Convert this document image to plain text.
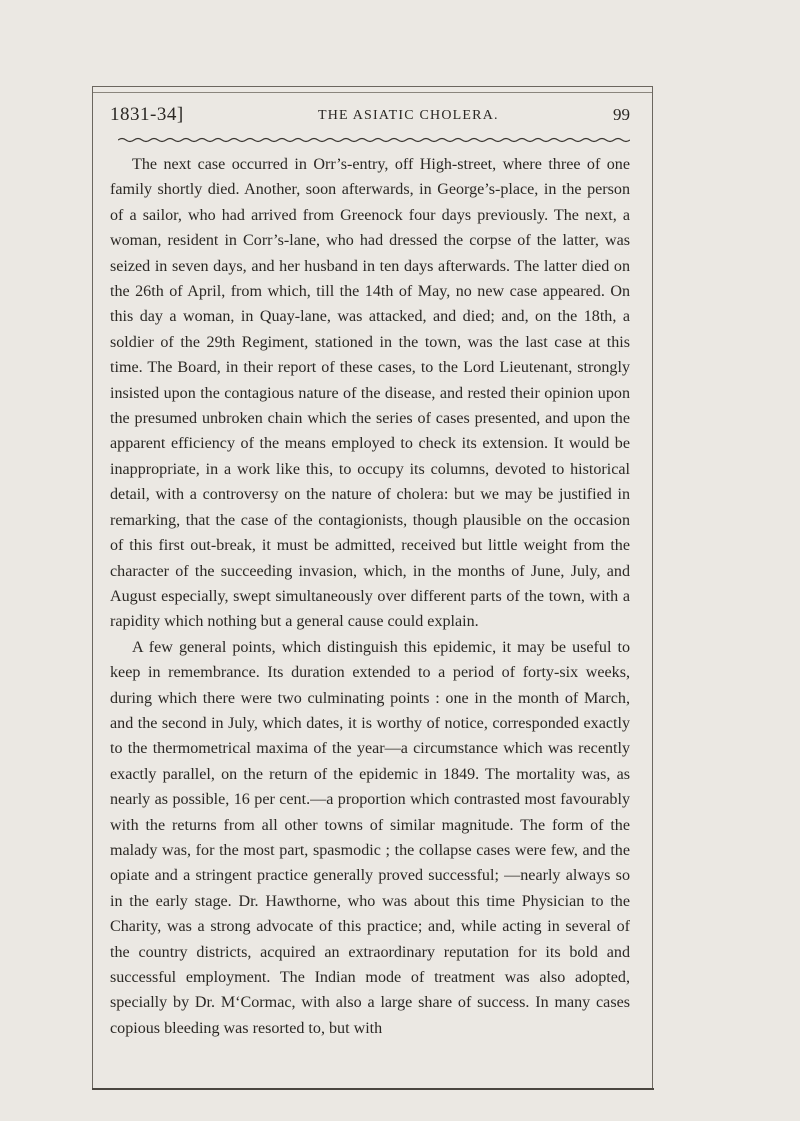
1831-34]	THE ASIATIC CHOLERA.	99

The next case occurred in Orr’s-entry, off High-street, where three of one family shortly died. Another, soon afterwards, in George’s-place, in the person of a sailor, who had arrived from Greenock four days previously. The next, a woman, resident in Corr’s-lane, who had dressed the corpse of the latter, was seized in seven days, and her husband in ten days afterwards. The latter died on the 26th of April, from which, till the 14th of May, no new case appeared. On this day a woman, in Quay-lane, was attacked, and died; and, on the 18th, a soldier of the 29th Regiment, stationed in the town, was the last case at this time. The Board, in their report of these cases, to the Lord Lieutenant, strongly insisted upon the contagious nature of the disease, and rested their opinion upon the presumed unbroken chain which the series of cases presented, and upon the apparent efficiency of the means employed to check its extension. It would be inappropriate, in a work like this, to occupy its columns, devoted to historical detail, with a controversy on the nature of cholera: but we may be justified in remarking, that the case of the contagionists, though plausible on the occasion of this first out-break, it must be admitted, received but little weight from the character of the succeeding invasion, which, in the months of June, July, and August especially, swept simultaneously over different parts of the town, with a rapidity which nothing but a general cause could explain.

A few general points, which distinguish this epidemic, it may be useful to keep in remembrance. Its duration extended to a period of forty-six weeks, during which there were two culminating points : one in the month of March, and the second in July, which dates, it is worthy of notice, corresponded exactly to the thermometrical maxima of the year—a circumstance which was recently exactly parallel, on the return of the epidemic in 1849. The mortality was, as nearly as possible, 16 per cent.—a proportion which contrasted most favourably with the returns from all other towns of similar magnitude. The form of the malady was, for the most part, spasmodic ; the collapse cases were few, and the opiate and a stringent practice generally proved successful; —nearly always so in the early stage. Dr. Hawthorne, who was about this time Physician to the Charity, was a strong advocate of this practice; and, while acting in several of the country districts, acquired an extraordinary reputation for its bold and successful employment. The Indian mode of treatment was also adopted, specially by Dr. M‘Cormac, with also a large share of success. In many cases copious bleeding was resorted to, but with
